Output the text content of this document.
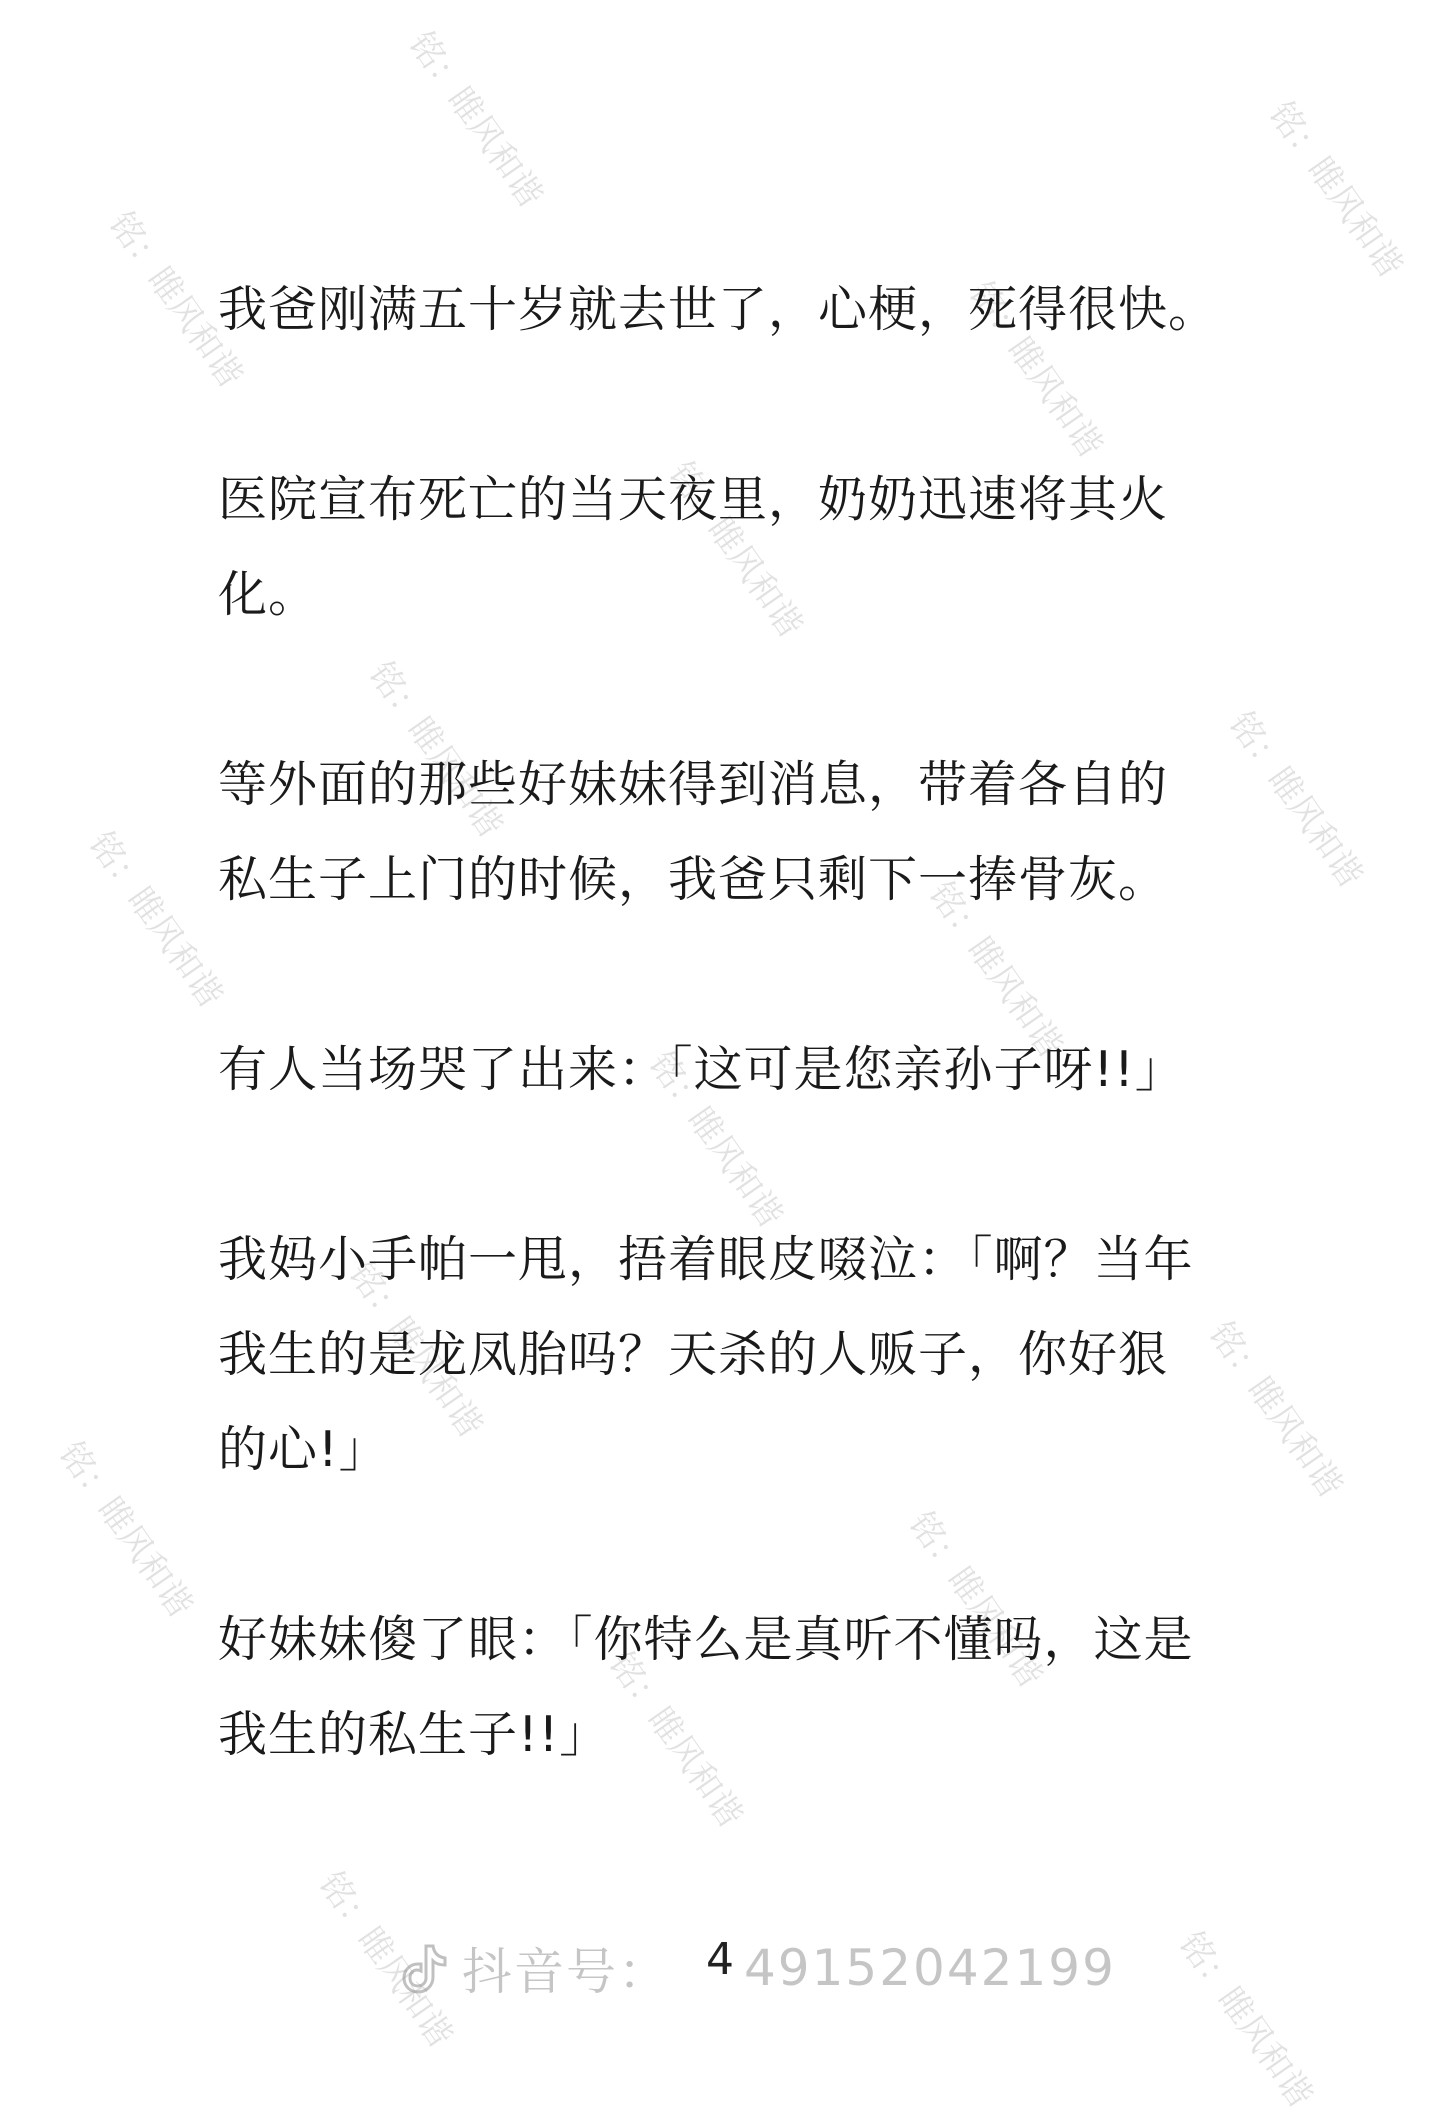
铭：睢风和谐	铭：睢风和谐
铭：睢风和谐	铭：睢风和谐
铭：睢风和谐
铭：睢风和谐	铭：睢风和谐
铭：睢风和谐	铭：睢风和谐
铭：睢风和谐
铭：睢风和谐	铭：睢风和谐
铭：睢风和谐	铭：睢风和谐
铭：睢风和谐
铭：睢风和谐	铭：睢风和谐

我爸刚满五十岁就去世了，心梗，死得很快。

医院宣布死亡的当天夜里，奶奶迅速将其火
化。

等外面的那些好妹妹得到消息，带着各自的
私生子上门的时候，我爸只剩下一捧骨灰。

有人当场哭了出来：「这可是您亲孙子呀!!」

我妈小手帕一甩，捂着眼皮啜泣：「啊？当年
我生的是龙凤胎吗？天杀的人贩子，你好狠
的心!」

好妹妹傻了眼：「你特么是真听不懂吗，这是
我生的私生子!!」

抖音号： 49152042199
4
